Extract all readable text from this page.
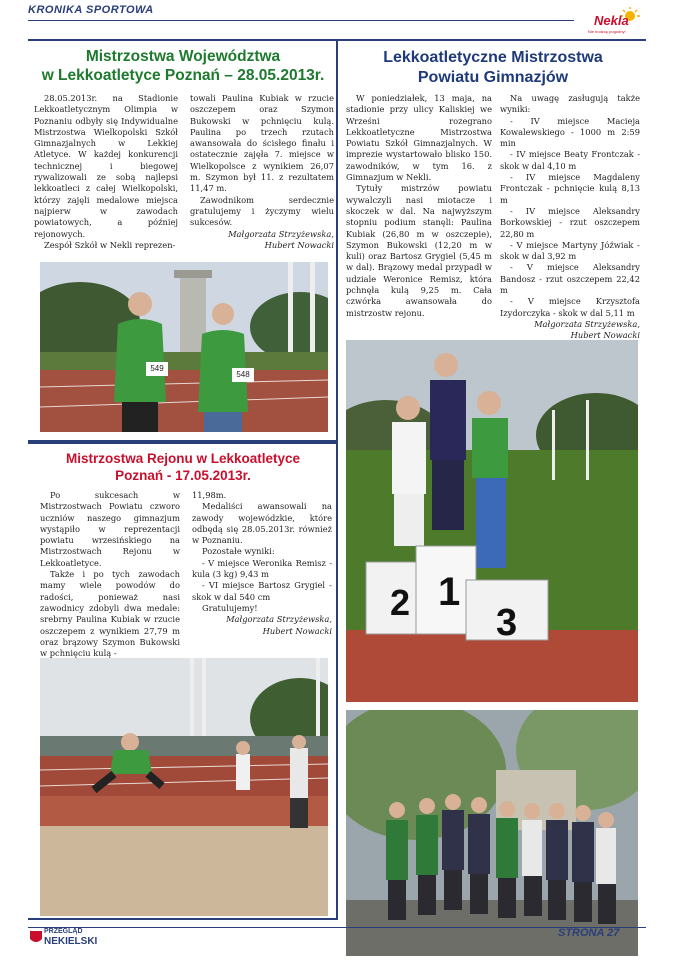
KRONIKA SPORTOWA
Nekla
Nie bodźcę pogodny!
Mistrzostwa Województwa
w Lekkoatletyce Poznań – 28.05.2013r.

28.05.2013r. na Stadionie Lekkoatletycznym Olimpia w Poznaniu odbyły się Indywidualne Mistrzostwa Wielkopolski Szkół Gimnazjalnych w Lekkiej Atletyce. W każdej konkurencji technicznej i biegowej rywalizowali ze sobą najlepsi lekkoatleci z całej Wielkopolski, którzy zajęli medalowe miejsca najpierw w zawodach powiatowych, a później rejonowych.

Zespół Szkół w Nekli reprezen-

towali Paulina Kubiak w rzucie oszczepem oraz Szymon Bukowski w pchnięciu kulą. Paulina po trzech rzutach awansowała do ścisłego finału i ostatecznie zajęła 7. miejsce w Wielkopolsce z wynikiem 26,07 m. Szymon był 11. z rezultatem 11,47 m.

Zawodnikom serdecznie gratulujemy i życzymy wielu sukcesów.

Małgorzata Strzyżewska,

Hubert Nowacki

549
548
Lekkoatletyczne Mistrzostwa
Powiatu Gimnazjów

W poniedziałek, 13 maja, na stadionie przy ulicy Kaliskiej we Wrześni rozegrano Lekkoatletyczne Mistrzostwa Powiatu Szkół Gimnazjalnych. W imprezie wystartowało blisko 150. zawodników, w tym 16. z Gimnazjum w Nekli.

Tytuły mistrzów powiatu wywalczyli nasi miotacze i skoczek w dal. Na najwyższym stopniu podium stanęli: Paulina Kubiak (26,80 m w oszczepie), Szymon Bukowski (12,20 m w kuli) oraz Bartosz Grygiel (5,45 m w dal). Brązowy medal przypadł w udziale Weronice Remisz, która pchnęła kulą 9,25 m. Cała czwórka awansowała do mistrzostw rejonu.

Na uwagę zasługują także wyniki:

- IV miejsce Macieja Kowalewskiego - 1000 m 2:59 min

- IV miejsce Beaty Frontczak - skok w dal 4,10 m

- IV miejsce Magdaleny Frontczak - pchnięcie kulą 8,13 m

- IV miejsce Aleksandry Borkowskiej - rzut oszczepem 22,80 m

- V miejsce Martyny Jóźwiak - skok w dal 3,92 m

- V miejsce Aleksandry Bandosz - rzut oszczepem 22,42 m

- V miejsce Krzysztofa Izydorczyka - skok w dal 5,11 m

Małgorzata Strzyżewska,

Hubert Nowacki

2 1
3
Mistrzostwa Rejonu w Lekkoatletyce
Poznań - 17.05.2013r.

Po sukcesach w Mistrzostwach Powiatu czworo uczniów naszego gimnazjum wystąpiło w reprezentacji powiatu wrzesińskiego na Mistrzostwach Rejonu w Lekkoatletyce.

Także i po tych zawodach mamy wiele powodów do radości, ponieważ nasi zawodnicy zdobyli dwa medale: srebrny Paulina Kubiak w rzucie oszczepem z wynikiem 27,79 m oraz brązowy Szymon Bukowski w pchnięciu kulą -

11,98m.

Medaliści awansowali na zawody wojewódzkie, które odbędą się 28.05.2013r. również w Poznaniu.

Pozostałe wyniki:

- V miejsce Weronika Remisz - kula (3 kg) 9,43 m

- VI miejsce Bartosz Grygiel - skok w dal 540 cm

Gratulujemy!

Małgorzata Strzyżewska,

Hubert Nowacki

PRZEGLĄD
NEKIELSKI
STRONA 27
